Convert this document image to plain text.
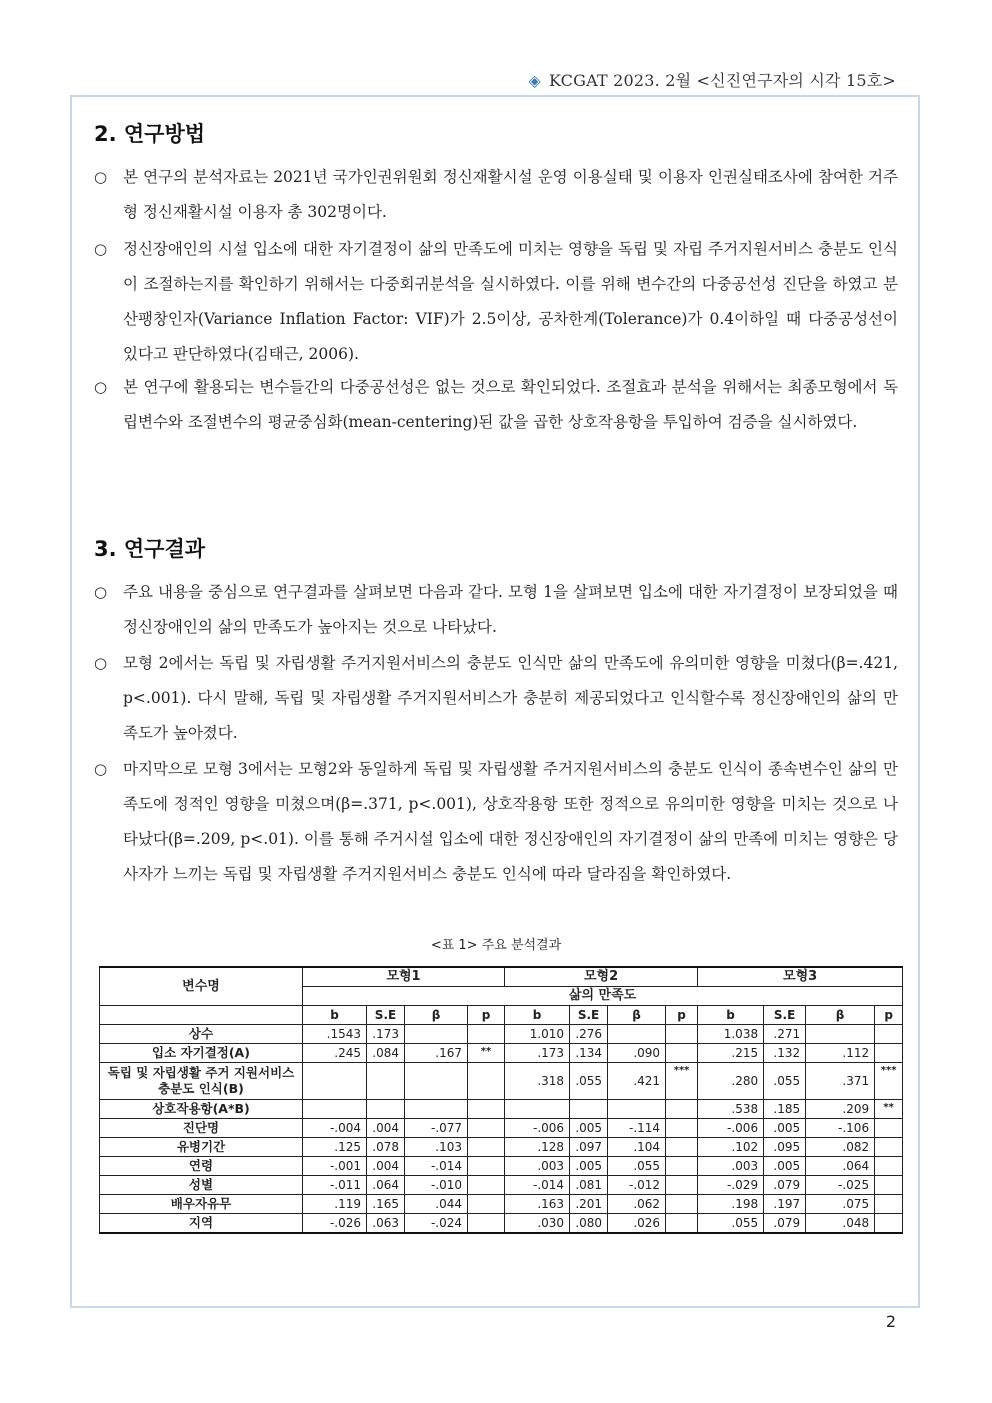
◈ KCGAT 2023. 2월 <신진연구자의 시각 15호>
2. 연구방법
○ 본 연구의 분석자료는 2021년 국가인권위원회 정신재활시설 운영 이용실태 및 이용자 인권실태조사에 참여한 거주형 정신재활시설 이용자 총 302명이다.
○ 정신장애인의 시설 입소에 대한 자기결정이 삶의 만족도에 미치는 영향을 독립 및 자립 주거지원서비스 충분도 인식이 조절하는지를 확인하기 위해서는 다중회귀분석을 실시하였다. 이를 위해 변수간의 다중공선성 진단을 하였고 분산팽창인자(Variance Inflation Factor: VIF)가 2.5이상, 공차한계(Tolerance)가 0.4이하일 때 다중공성선이 있다고 판단하였다(김태근, 2006).
○ 본 연구에 활용되는 변수들간의 다중공선성은 없는 것으로 확인되었다. 조절효과 분석을 위해서는 최종모형에서 독립변수와 조절변수의 평균중심화(mean-centering)된 값을 곱한 상호작용항을 투입하여 검증을 실시하였다.
3. 연구결과
○ 주요 내용을 중심으로 연구결과를 살펴보면 다음과 같다. 모형 1을 살펴보면 입소에 대한 자기결정이 보장되었을 때 정신장애인의 삶의 만족도가 높아지는 것으로 나타났다.
○ 모형 2에서는 독립 및 자립생활 주거지원서비스의 충분도 인식만 삶의 만족도에 유의미한 영향을 미쳤다(β=.421, p<.001). 다시 말해, 독립 및 자립생활 주거지원서비스가 충분히 제공되었다고 인식할수록 정신장애인의 삶의 만족도가 높아졌다.
○ 마지막으로 모형 3에서는 모형2와 동일하게 독립 및 자립생활 주거지원서비스의 충분도 인식이 종속변수인 삶의 만족도에 정적인 영향을 미쳤으며(β=.371, p<.001), 상호작용항 또한 정적으로 유의미한 영향을 미치는 것으로 나타났다(β=.209, p<.01). 이를 통해 주거시설 입소에 대한 정신장애인의 자기결정이 삶의 만족에 미치는 영향은 당사자가 느끼는 독립 및 자립생활 주거지원서비스 충분도 인식에 따라 달라짐을 확인하였다.
<표 1> 주요 분석결과
변수명	모형1				모형2				모형3			
	삶의 만족도											
	b	S.E	β	p	b	S.E	β	p	b	S.E	β	p
상수	.1543	.173			1.010	.276			1.038	.271		
입소 자기결정(A)	.245	.084	.167	**	.173	.134	.090		.215	.132	.112	
독립 및 자립생활 주거 지원서비스충분도 인식(B)					.318	.055	.421	***	.280	.055	.371	***
상호작용항(A*B)									.538	.185	.209	**
진단명	-.004	.004	-.077		-.006	.005	-.114		-.006	.005	-.106	
유병기간	.125	.078	.103		.128	.097	.104		.102	.095	.082	
연령	-.001	.004	-.014		.003	.005	.055		.003	.005	.064	
성별	-.011	.064	-.010		-.014	.081	-.012		-.029	.079	-.025	
배우자유무	.119	.165	.044		.163	.201	.062		.198	.197	.075	
지역	-.026	.063	-.024		.030	.080	.026		.055	.079	.048	
2
